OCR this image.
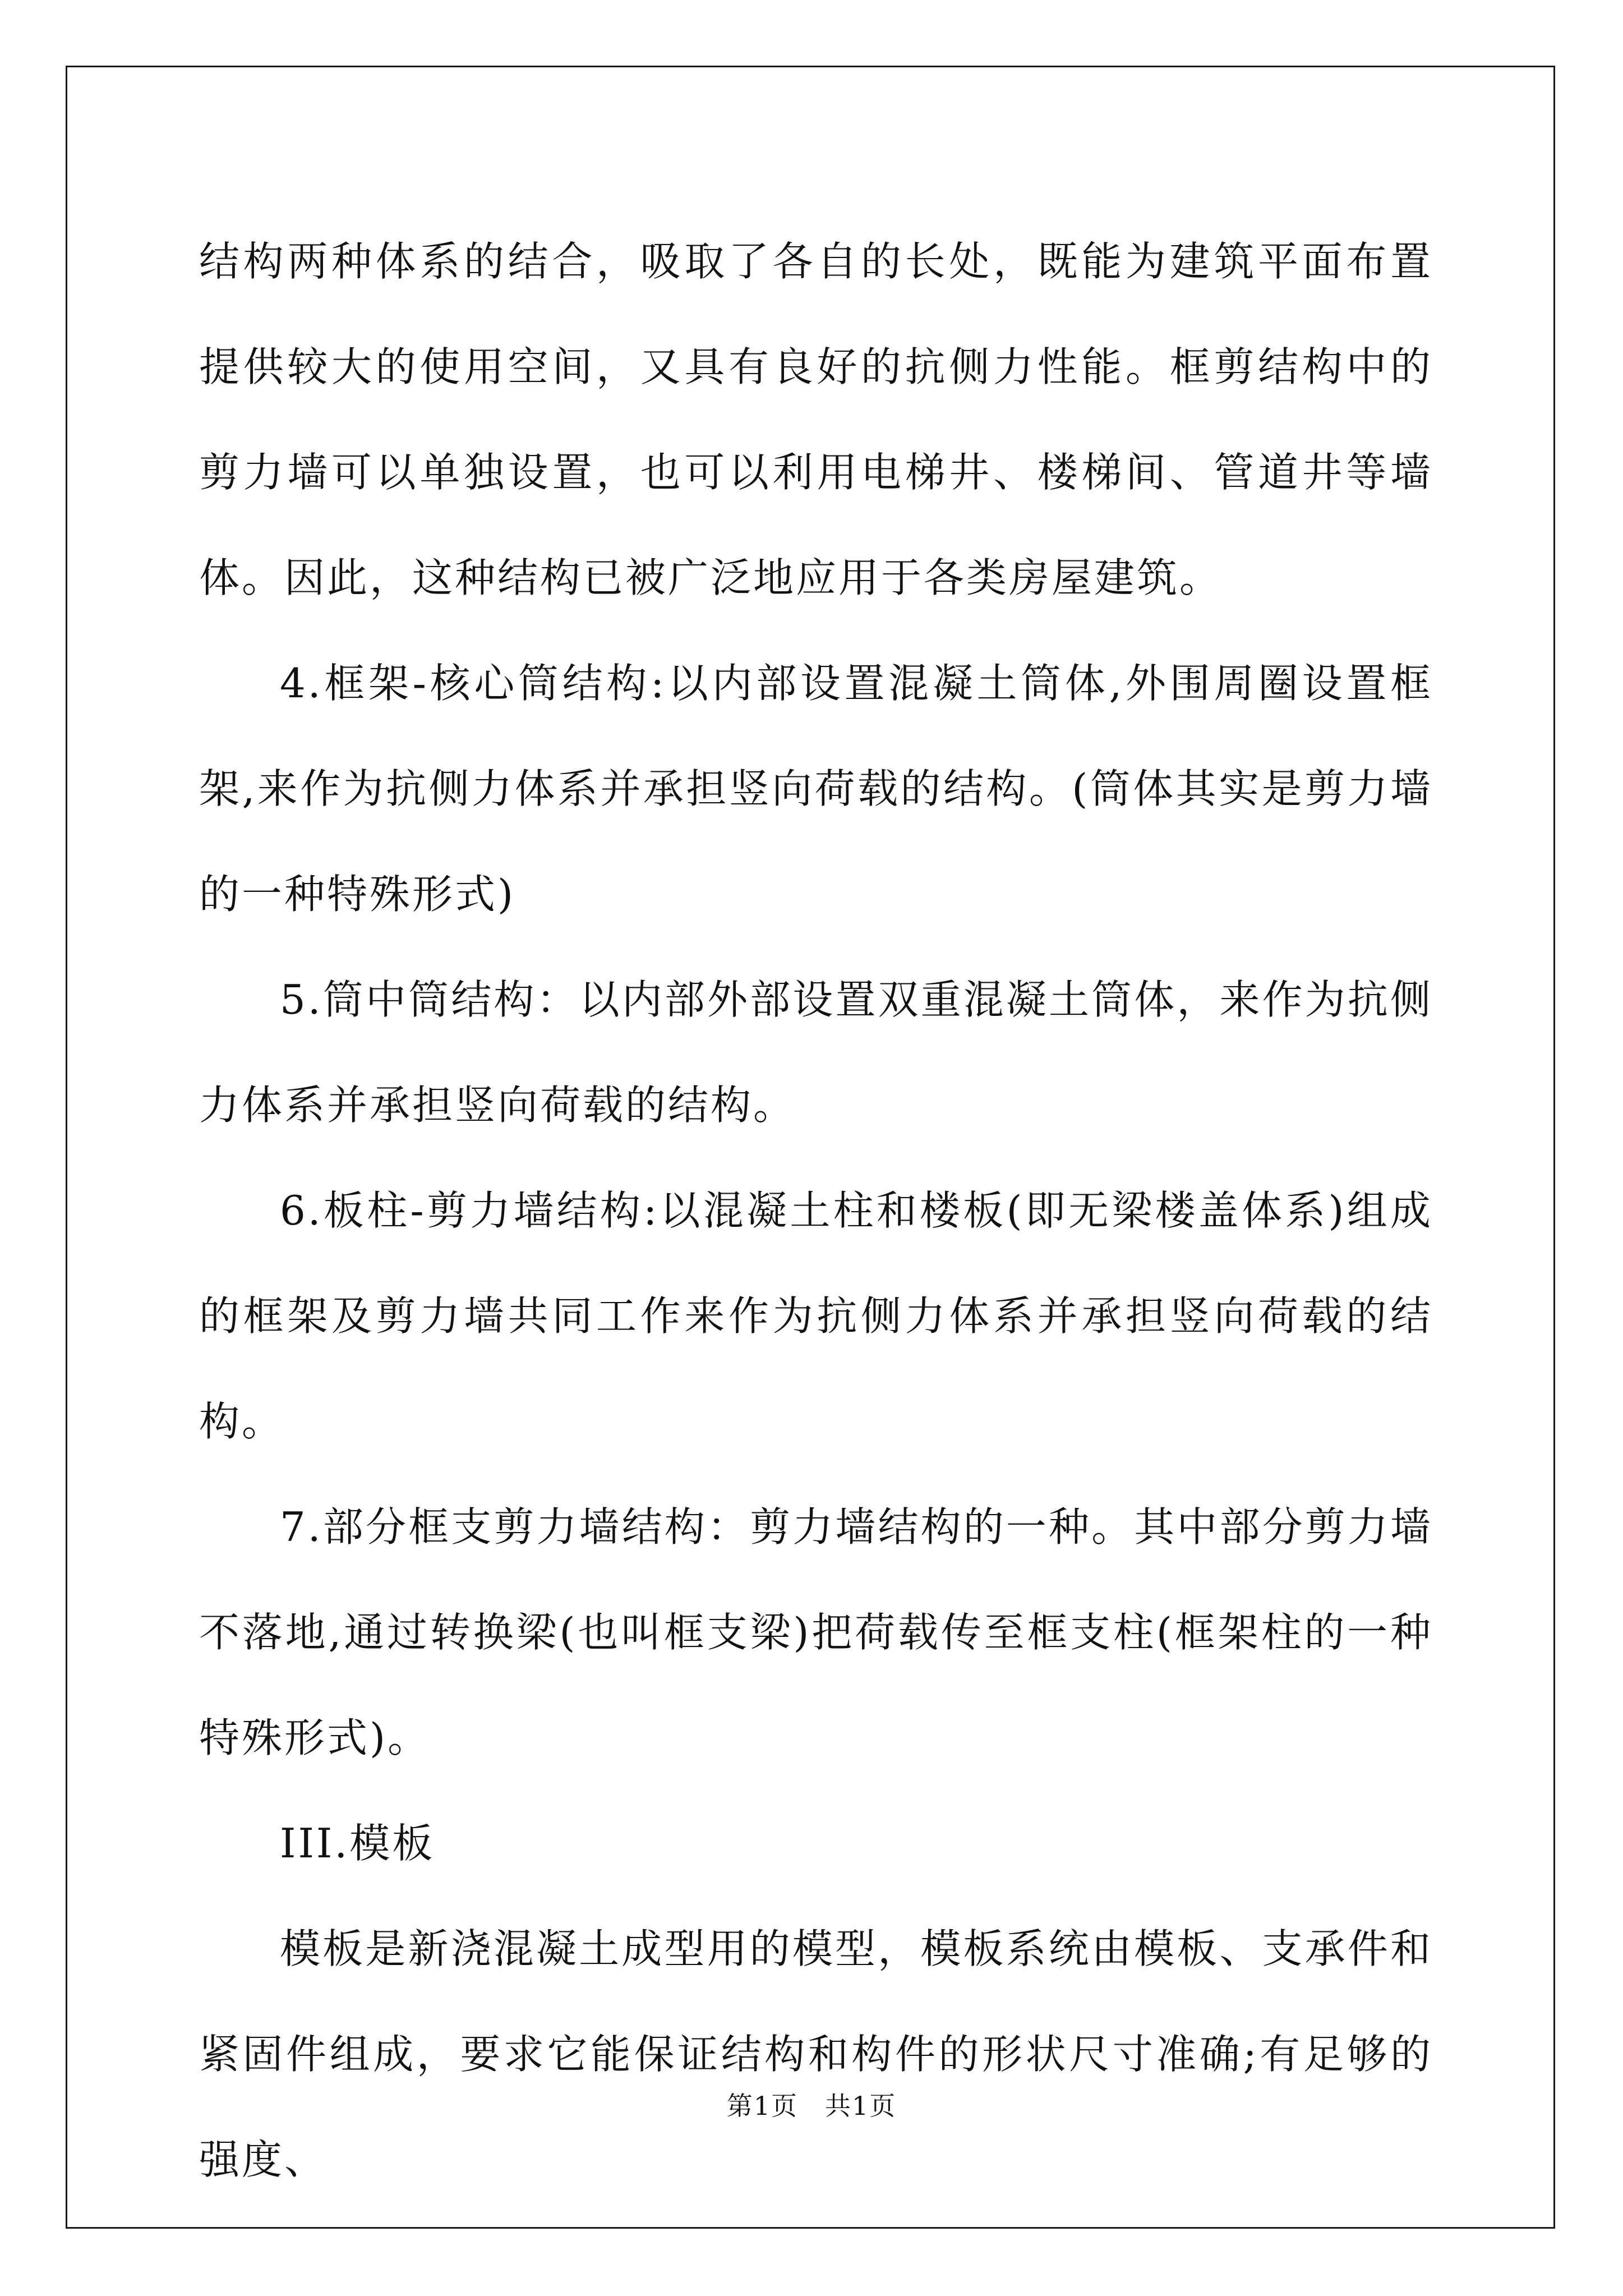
结构两种体系的结合，吸取了各自的长处，既能为建筑平面布置提供较大的使用空间，又具有良好的抗侧力性能。框剪结构中的剪力墙可以单独设置，也可以利用电梯井、楼梯间、管道井等墙体。因此，这种结构已被广泛地应用于各类房屋建筑。

4.框架-核心筒结构:以内部设置混凝土筒体,外围周圈设置框架,来作为抗侧力体系并承担竖向荷载的结构。(筒体其实是剪力墙的一种特殊形式)

5.筒中筒结构：以内部外部设置双重混凝土筒体，来作为抗侧力体系并承担竖向荷载的结构。

6.板柱-剪力墙结构:以混凝土柱和楼板(即无梁楼盖体系)组成的框架及剪力墙共同工作来作为抗侧力体系并承担竖向荷载的结构。

7.部分框支剪力墙结构：剪力墙结构的一种。其中部分剪力墙不落地,通过转换梁(也叫框支梁)把荷载传至框支柱(框架柱的一种特殊形式)。

III.模板

模板是新浇混凝土成型用的模型，模板系统由模板、支承件和紧固件组成，要求它能保证结构和构件的形状尺寸准确;有足够的强度、

第1页　共1页
